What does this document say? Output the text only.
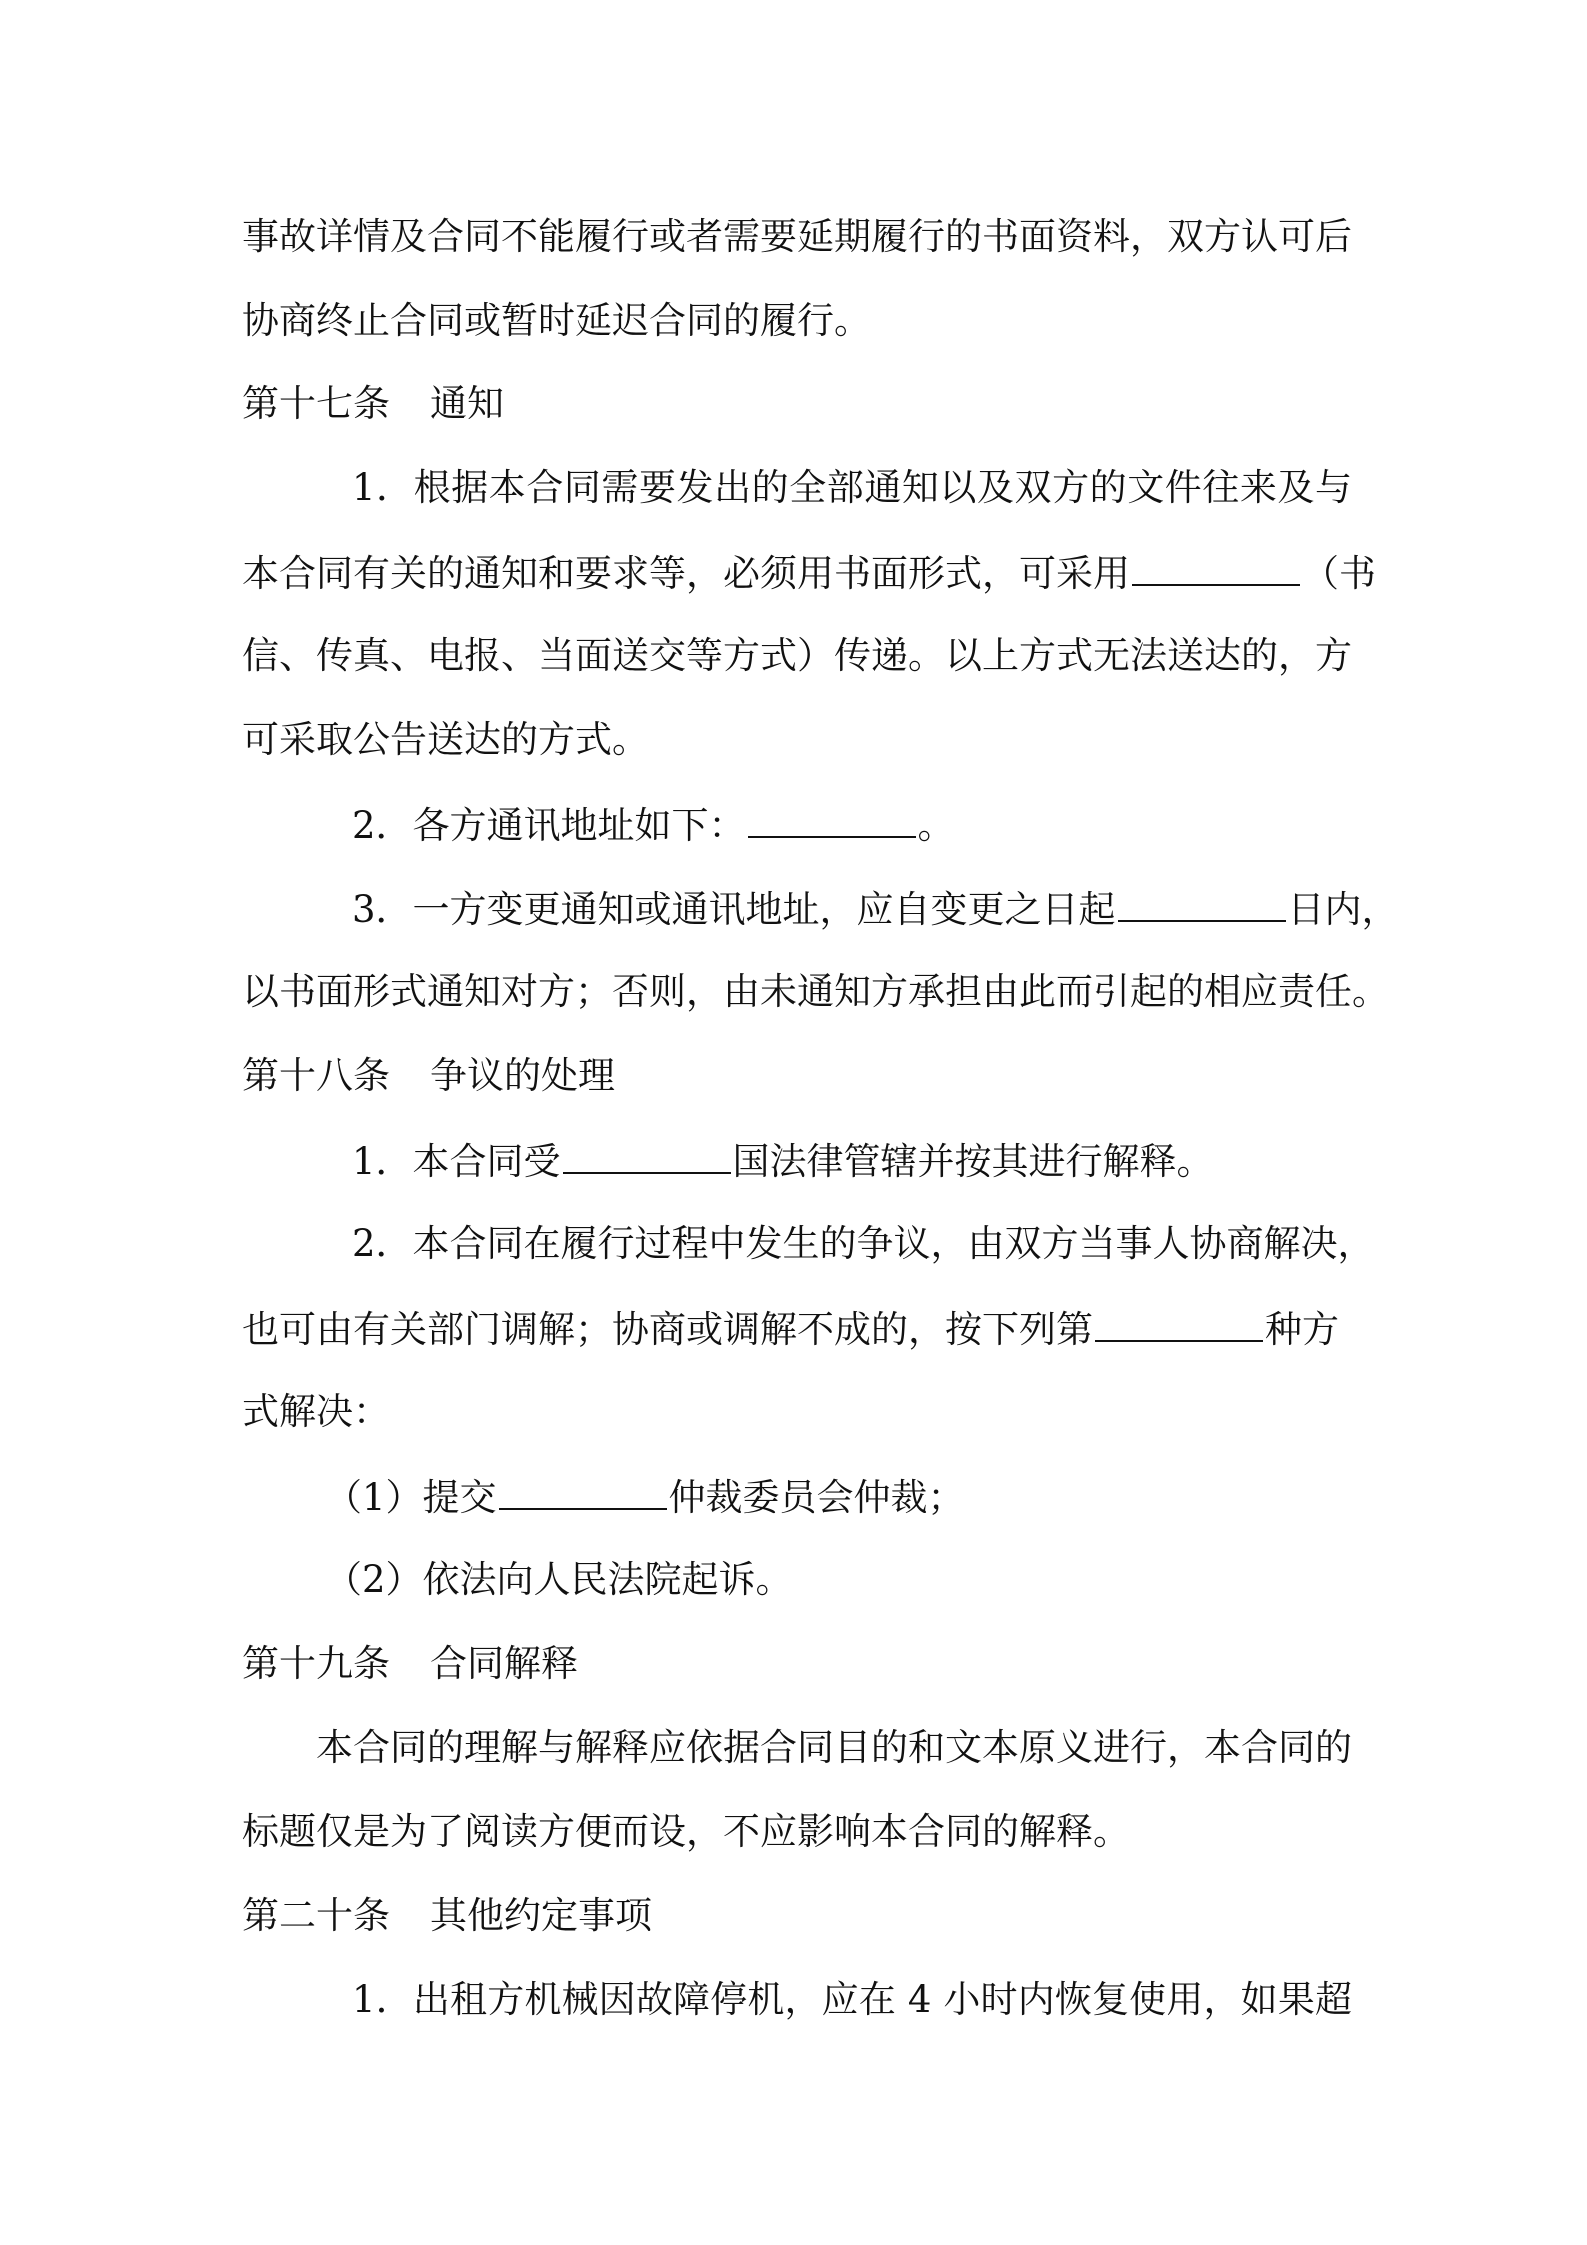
事故详情及合同不能履行或者需要延期履行的书面资料，双方认可后
协商终止合同或暂时延迟合同的履行。
第十七条 通知
1．根据本合同需要发出的全部通知以及双方的文件往来及与
本合同有关的通知和要求等，必须用书面形式，可采用	（书
信、传真、电报、当面送交等方式）传递。以上方式无法送达的，方
可采取公告送达的方式。
2．各方通讯地址如下：	。
3．一方变更通知或通讯地址，应自变更之日起	日内，
以书面形式通知对方；否则，由未通知方承担由此而引起的相应责任。
第十八条 争议的处理
1．本合同受	国法律管辖并按其进行解释。
2．本合同在履行过程中发生的争议，由双方当事人协商解决，
也可由有关部门调解；协商或调解不成的，按下列第	种方
式解决：
（1）提交	仲裁委员会仲裁；
（2）依法向人民法院起诉。
第十九条 合同解释
本合同的理解与解释应依据合同目的和文本原义进行，本合同的
标题仅是为了阅读方便而设，不应影响本合同的解释。
第二十条 其他约定事项
1．出租方机械因故障停机，应在 4 小时内恢复使用，如果超
